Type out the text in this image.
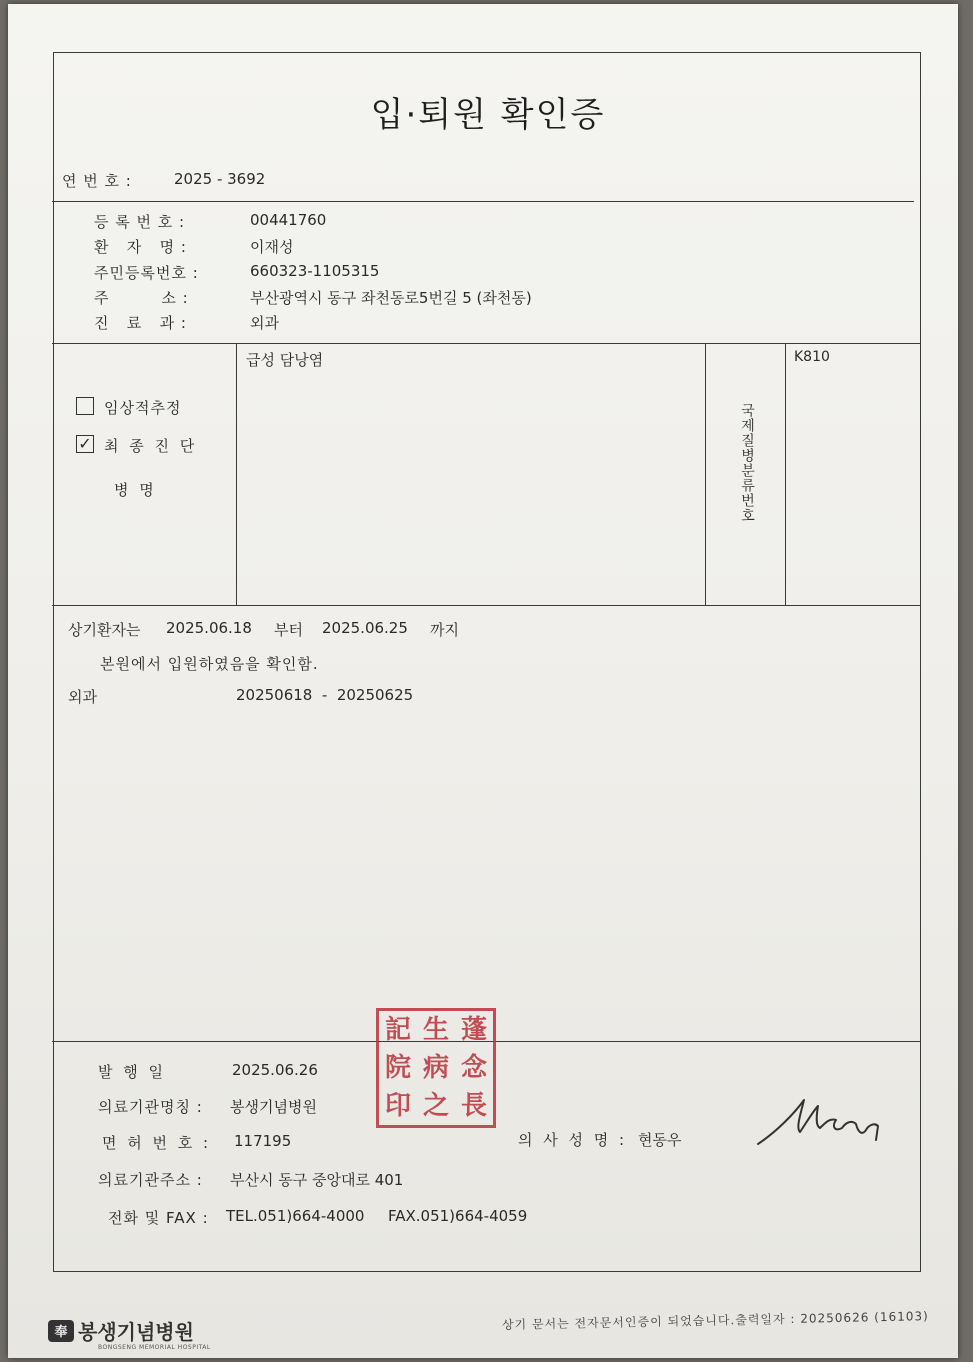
입·퇴원 확인증
연 번 호 :	2025 - 3692
등 록 번 호 :	00441760
환   자   명 :	이재성
주민등록번호 :	660323-1105315
주         소 :	부산광역시 동구 좌천동로5번길 5 (좌천동)
진   료   과 :	외과
임상적추정
✓ 최 종 진 단
병 명
급성 담낭염
국제질병분류번호
K810
상기환자는 2025.06.18 부터 2025.06.25 까지
본원에서 입원하였음을 확인함.
외과	20250618  -  20250625
발 행 일	2025.06.26
의료기관명칭 : 봉생기념병원
면 허 번 호 : 117195	의 사 성 명 : 현동우
의료기관주소 : 부산시 동구 중앙대로 401
전화 및 FAX : TEL.051)664-4000 FAX.051)664-4059
記 生 蓬
院 病 念
印 之 長
奉 봉생기념병원
BONGSENG MEMORIAL HOSPITAL
상기 문서는 전자문서인증이 되었습니다.출력일자 : 20250626 (16103)
